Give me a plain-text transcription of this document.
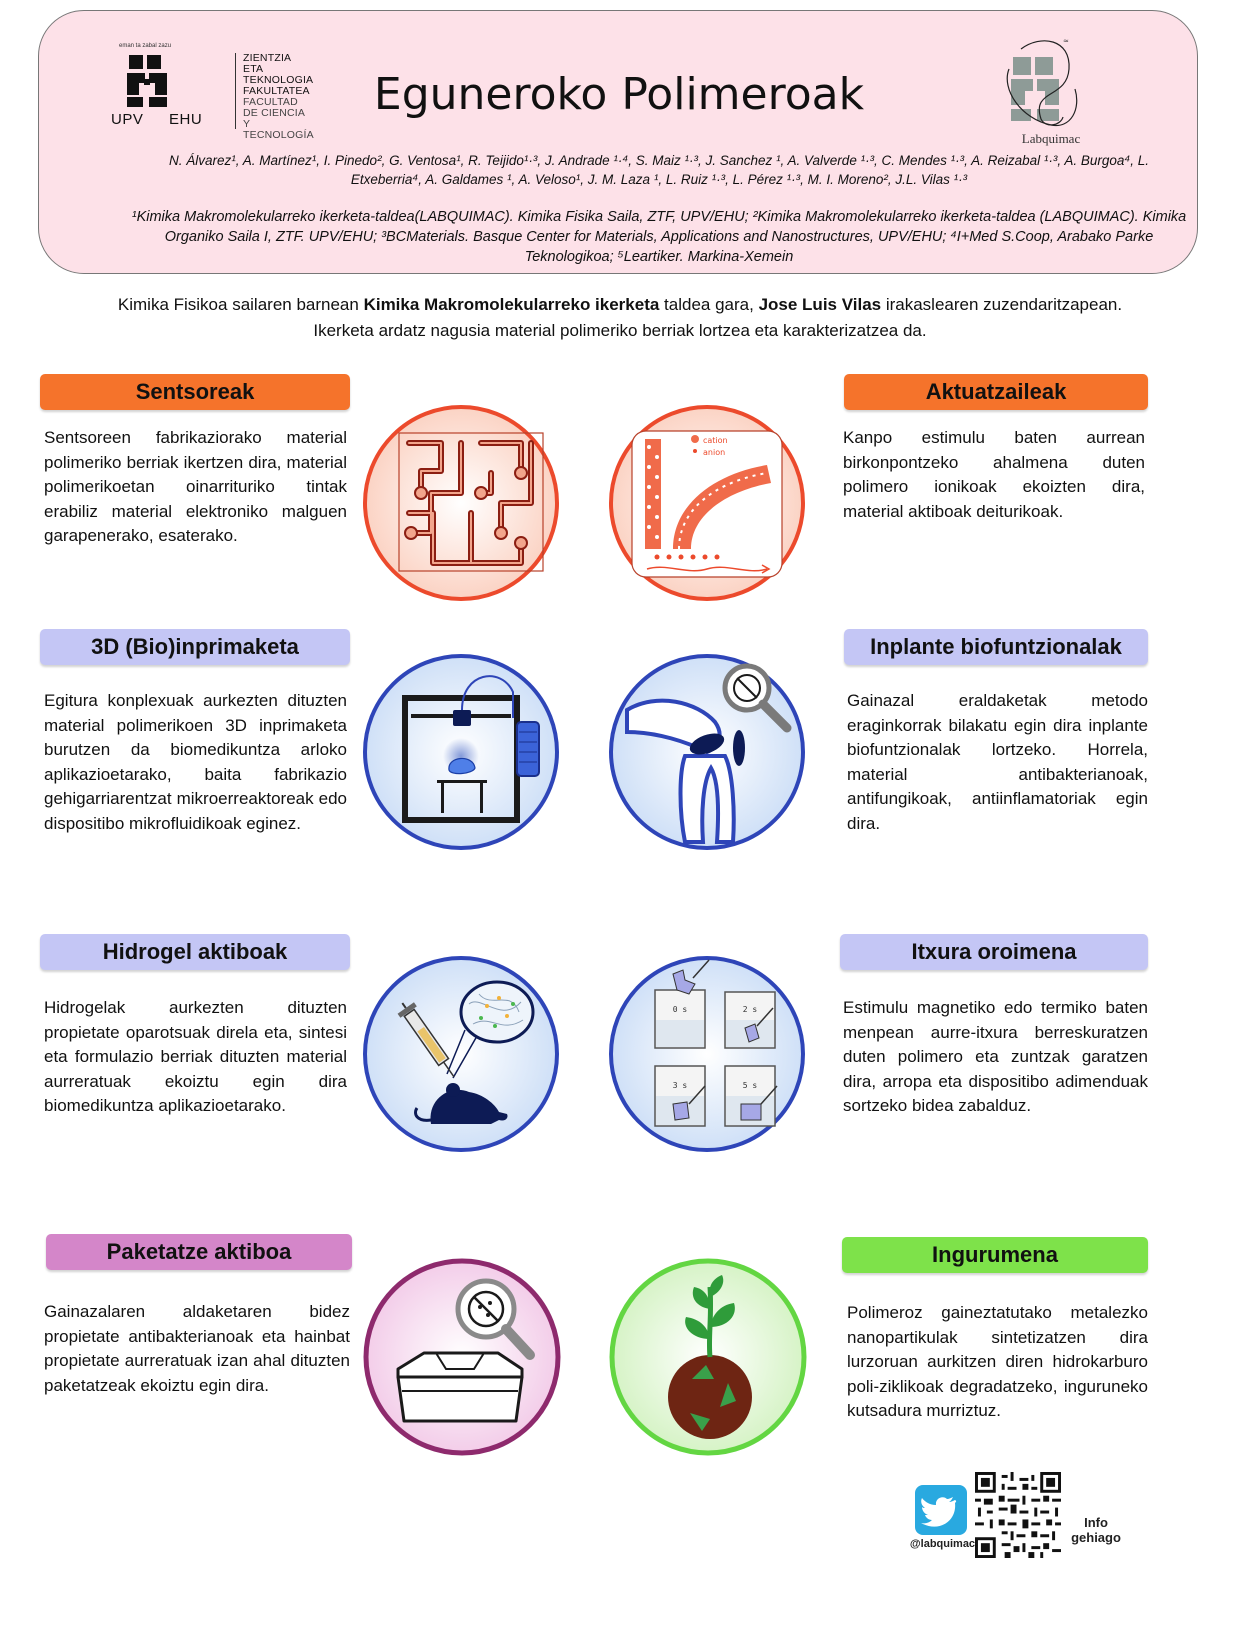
eman ta zabal zazu
UPV EHU
ZIENTZIA
ETA TEKNOLOGIA
FAKULTATEA
FACULTAD
DE CIENCIA
Y TECNOLOGÍA
Eguneroko Polimeroak
≈
Labquimac
N. Álvarez¹, A. Martínez¹, I. Pinedo², G. Ventosa¹, R. Teijido¹·³, J. Andrade ¹·⁴, S. Maiz ¹·³, J. Sanchez ¹, A. Valverde ¹·³, C. Mendes ¹·³, A. Reizabal ¹·³, A. Burgoa⁴, L.
Etxeberria⁴, A. Galdames ¹, A. Veloso¹, J. M. Laza ¹, L. Ruiz ¹·³, L. Pérez ¹·³, M. I. Moreno², J.L. Vilas ¹·³
¹Kimika Makromolekularreko ikerketa-taldea(LABQUIMAC). Kimika Fisika Saila, ZTF, UPV/EHU; ²Kimika Makromolekularreko ikerketa-taldea (LABQUIMAC). Kimika Organiko Saila I, ZTF. UPV/EHU; ³BCMaterials. Basque Center for Materials, Applications and Nanostructures, UPV/EHU; ⁴I+Med S.Coop, Arabako Parke Teknologikoa; ⁵Leartiker. Markina-Xemein
Kimika Fisikoa sailaren barnean Kimika Makromolekularreko ikerketa taldea gara, Jose Luis Vilas irakaslearen zuzendaritzapean.
Ikerketa ardatz nagusia material polimeriko berriak lortzea eta karakterizatzea da.
Sentsoreak
Sentsoreen fabrikaziorako material polimeriko berriak ikertzen dira, material polimerikoetan oinarrituriko tintak erabiliz material elektroniko malguen garapenerako, esaterako.
cation
anion
Aktuatzaileak
Kanpo estimulu baten aurrean birkonpontzeko ahalmena duten polimero ionikoak ekoizten dira, material aktiboak deiturikoak.
3D (Bio)inprimaketa
Egitura konplexuak aurkezten dituzten material polimerikoen 3D inprimaketa burutzen da biomedikuntza arloko aplikazioetarako, baita fabrikazio gehigarriarentzat mikroerreaktoreak edo dispositibo mikrofluidikoak eginez.
Inplante biofuntzionalak
Gainazal eraldaketak metodo eraginkorrak bilakatu egin dira inplante biofuntzionalak lortzeko. Horrela, material antibakterianoak, antifungikoak, antiinflamatoriak egin dira.
Hidrogel aktiboak
Hidrogelak aurkezten dituzten propietate oparotsuak direla eta, sintesi eta formulazio berriak dituzten material aurreratuak ekoiztu egin dira biomedikuntza aplikazioetarako.
0 s	2 s
3 s	5 s
Itxura oroimena
Estimulu magnetiko edo termiko baten menpean aurre-itxura berreskuratzen duten polimero eta zuntzak garatzen dira, arropa eta dispositibo adimenduak sortzeko bidea zabalduz.
Paketatze aktiboa
Gainazalaren aldaketaren bidez propietate antibakterianoak eta hainbat propietate aurreratuak izan ahal dituzten paketatzeak ekoiztu egin dira.
Ingurumena
Polimeroz gaineztatutako metalezko nanopartikulak sintetizatzen dira lurzoruan aurkitzen diren hidrokarburo poli-ziklikoak degradatzeko, inguruneko kutsadura murriztuz.
@labquimac
Info
gehiago
